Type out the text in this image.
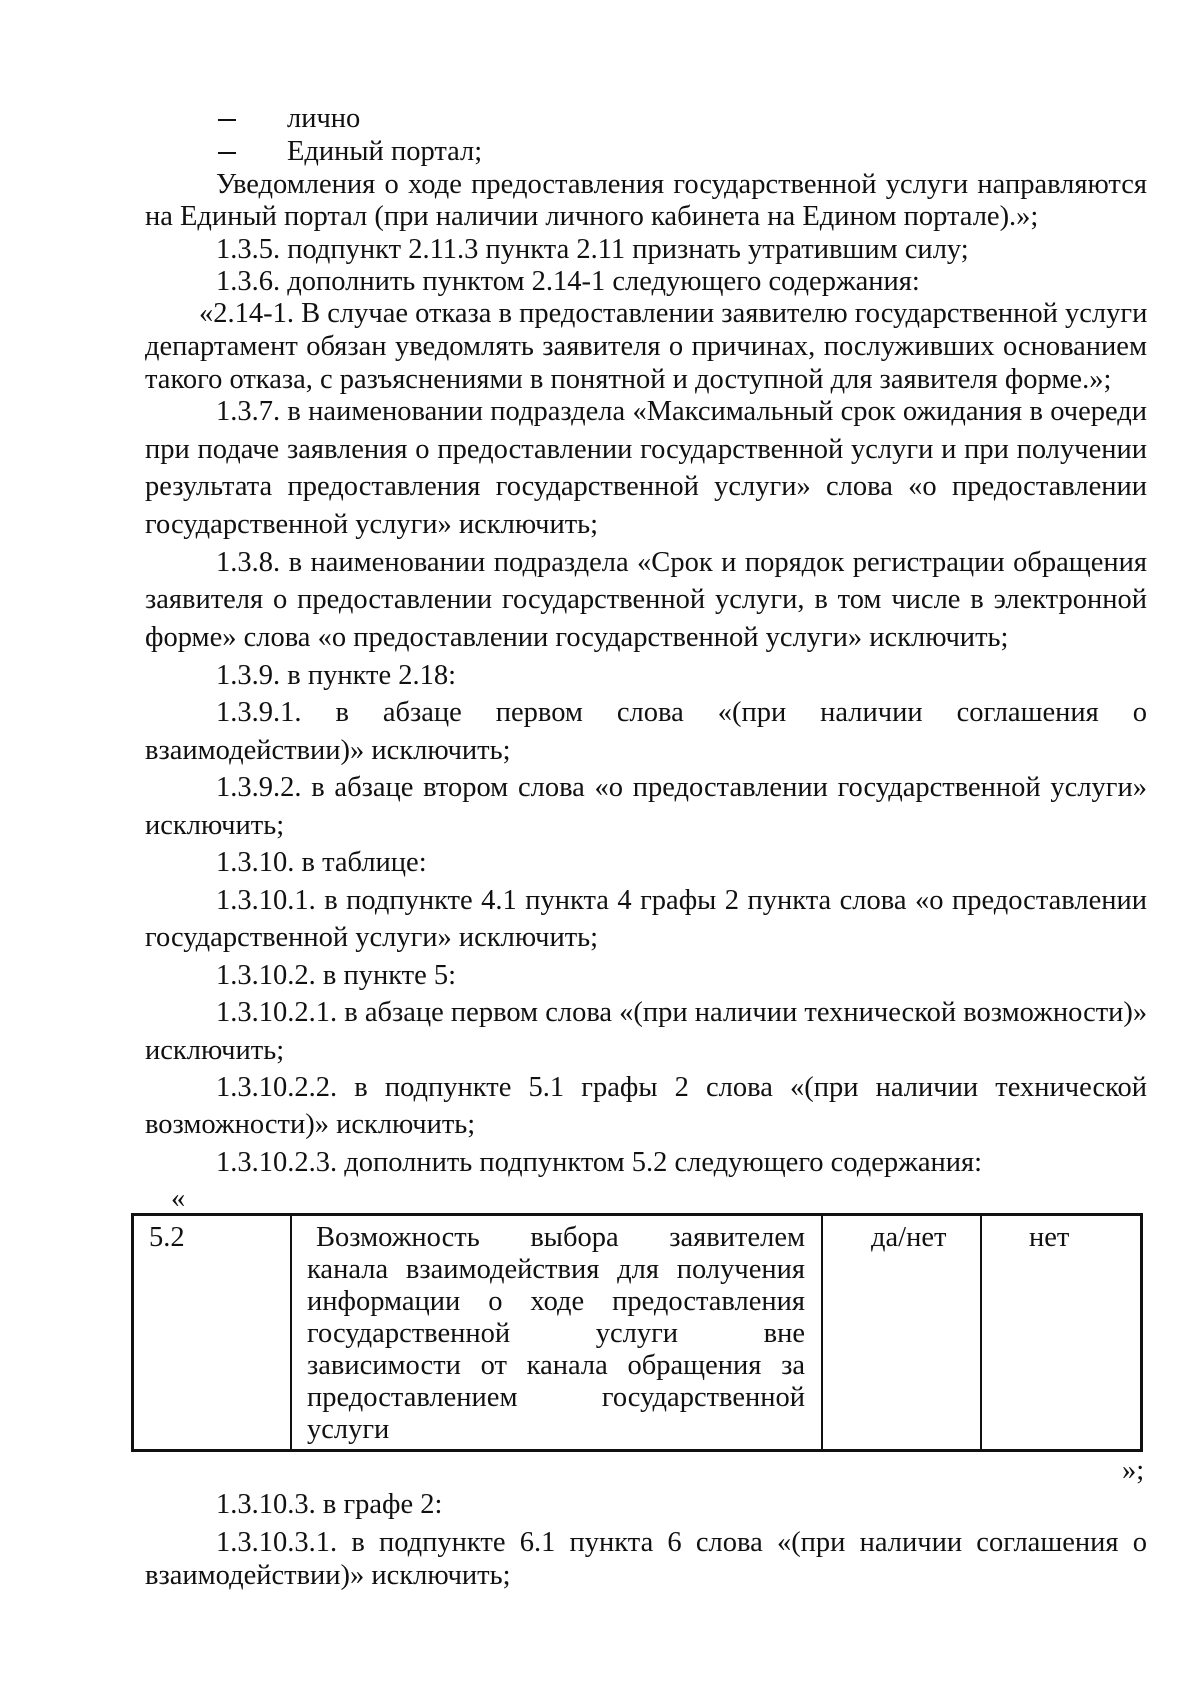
лично
Единый портал;
Уведомления о ходе предоставления государственной услуги направляются
на Единый портал (при наличии личного кабинета на Едином портале).»;
1.3.5. подпункт 2.11.3 пункта 2.11 признать утратившим силу;
1.3.6. дополнить пунктом 2.14-1 следующего содержания:
«2.14-1. В случае отказа в предоставлении заявителю государственной услуги
департамент обязан уведомлять заявителя о причинах, послуживших основанием
такого отказа, с разъяснениями в понятной и доступной для заявителя форме.»;
1.3.7. в наименовании подраздела «Максимальный срок ожидания в очереди
при подаче заявления о предоставлении государственной услуги и при получении
результата предоставления государственной услуги» слова «о предоставлении
государственной услуги» исключить;
1.3.8. в наименовании подраздела «Срок и порядок регистрации обращения
заявителя о предоставлении государственной услуги, в том числе в электронной
форме» слова «о предоставлении государственной услуги» исключить;
1.3.9. в пункте 2.18:
1.3.9.1. в абзаце первом слова «(при наличии соглашения о
взаимодействии)» исключить;
1.3.9.2. в абзаце втором слова «о предоставлении государственной услуги»
исключить;
1.3.10. в таблице:
1.3.10.1. в подпункте 4.1 пункта 4 графы 2 пункта слова «о предоставлении
государственной услуги» исключить;
1.3.10.2. в пункте 5:
1.3.10.2.1. в абзаце первом слова «(при наличии технической возможности)»
исключить;
1.3.10.2.2. в подпункте 5.1 графы 2 слова «(при наличии технической
возможности)» исключить;
1.3.10.2.3. дополнить подпунктом 5.2 следующего содержания:
«
5.2	Возможность выбора заявителем
канала взаимодействия для получения
информации о ходе предоставления
государственной услуги вне
зависимости от канала обращения за
предоставлением государственной
услуги
да/нет	нет
»;
1.3.10.3. в графе 2:
1.3.10.3.1. в подпункте 6.1 пункта 6 слова «(при наличии соглашения о
взаимодействии)» исключить;
